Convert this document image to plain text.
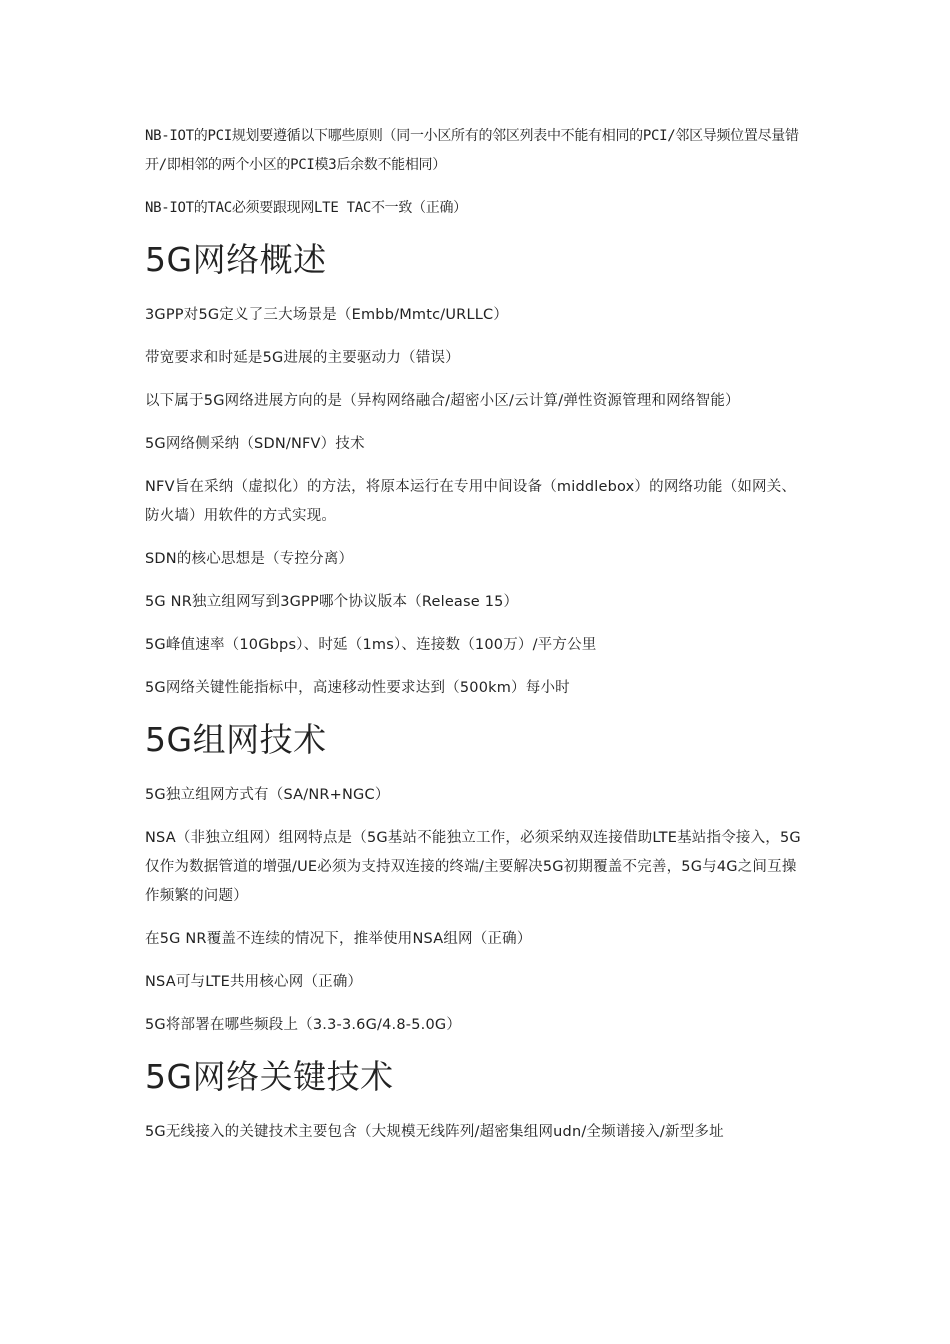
NB-IOT的PCI规划要遵循以下哪些原则（同一小区所有的邻区列表中不能有相同的PCI/邻区导频位置尽量错开/即相邻的两个小区的PCI模3后余数不能相同）

NB-IOT的TAC必须要跟现网LTE TAC不一致（正确）

5G网络概述

3GPP对5G定义了三大场景是（Embb/Mmtc/URLLC）

带宽要求和时延是5G进展的主要驱动力（错误）

以下属于5G网络进展方向的是（异构网络融合/超密小区/云计算/弹性资源管理和网络智能）

5G网络侧采纳（SDN/NFV）技术

NFV旨在采纳（虚拟化）的方法，将原本运行在专用中间设备（middlebox）的网络功能（如网关、防火墙）用软件的方式实现。

SDN的核心思想是（专控分离）

5G NR独立组网写到3GPP哪个协议版本（Release 15）

5G峰值速率（10Gbps）、时延（1ms）、连接数（100万）/平方公里

5G网络关键性能指标中，高速移动性要求达到（500km）每小时

5G组网技术

5G独立组网方式有（SA/NR+NGC）

NSA（非独立组网）组网特点是（5G基站不能独立工作，必须采纳双连接借助LTE基站指令接入，5G仅作为数据管道的增强/UE必须为支持双连接的终端/主要解决5G初期覆盖不完善，5G与4G之间互操作频繁的问题）

在5G NR覆盖不连续的情况下，推举使用NSA组网（正确）

NSA可与LTE共用核心网（正确）

5G将部署在哪些频段上（3.3-3.6G/4.8-5.0G）

5G网络关键技术

5G无线接入的关键技术主要包含（大规模无线阵列/超密集组网udn/全频谱接入/新型多址
